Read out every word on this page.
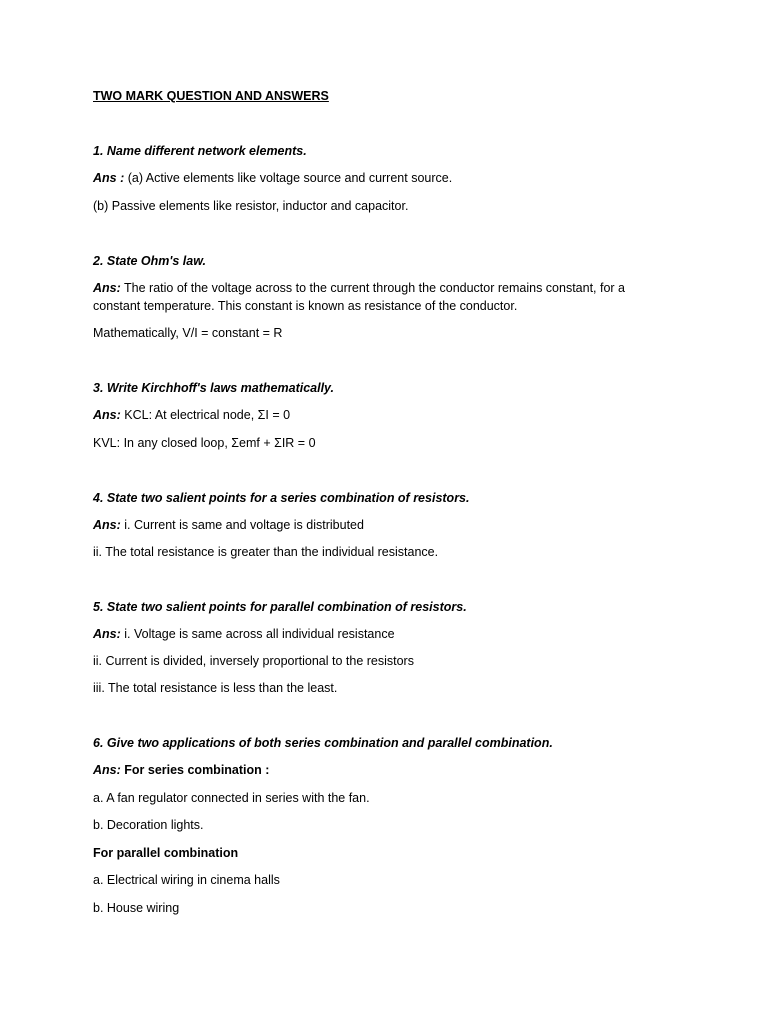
TWO MARK QUESTION AND ANSWERS
1. Name different network elements.
Ans : (a) Active elements like voltage source and current source.
(b) Passive elements like resistor, inductor and capacitor.
2. State Ohm's law.
Ans: The ratio of the voltage across to the current through the conductor remains constant, for a constant temperature. This constant is known as resistance of the conductor.
Mathematically, V/I = constant = R
3. Write Kirchhoff's laws mathematically.
Ans: KCL: At electrical node, ΣI = 0
KVL: In any closed loop, Σemf + ΣIR = 0
4. State two salient points for a series combination of resistors.
Ans: i. Current is same and voltage is distributed
ii. The total resistance is greater than the individual resistance.
5. State two salient points for parallel combination of resistors.
Ans: i. Voltage is same across all individual resistance
ii. Current is divided, inversely proportional to the resistors
iii. The total resistance is less than the least.
6. Give two applications of both series combination and parallel combination.
Ans: For series combination :
a. A fan regulator connected in series with the fan.
b. Decoration lights.
For parallel combination
a. Electrical wiring in cinema halls
b. House wiring
